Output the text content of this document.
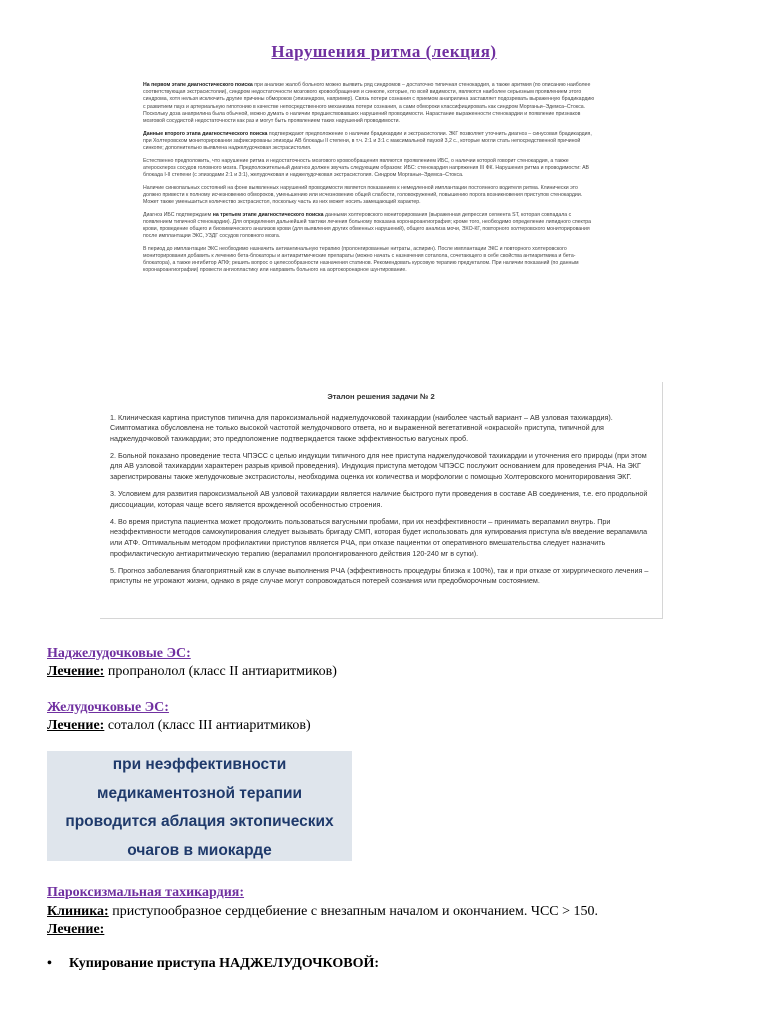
Нарушения ритма (лекция)

На первом этапе диагностического поиска при анализе жалоб больного можно выявить ряд синдромов – достаточно типичная стенокардия, а также аритмия (по описанию наиболее соответствующая экстрасистолии), синдром недостаточности мозгового кровообращения и синкопе, которые, по всей видимости, являются наиболее серьезным проявлением этого синдрома, хотя нельзя исключить другие причины обмороков (эпизиндром, например). Связь потери сознания с приемом анаприлина заставляет подозревать выраженную брадикардию с развитием пауз и артериальную гипотонию в качестве непосредственного механизма потери сознания, а сами обмороки классифицировать как синдром Морганьи–Эдемса–Стокса. Поскольку доза анаприлина была обычной, можно думать о наличии предшествовавших нарушений проводимости. Нарастание выраженности стенокардии и появление признаков мозговой сосудистой недостаточности как раз и могут быть проявлением таких нарушений проводимости.

Данные второго этапа диагностического поиска подтверждают предположение о наличии брадикардии и экстрасистолии. ЭКГ позволяет уточнить диагноз – синусовая брадикардия, при Холтеровском мониторировании зафиксированы эпизоды АВ блокады II степени, в т.ч. 2:1 и 3:1 с максимальной паузой 3,2 с., которые могли стать непосредственной причиной синкопе; дополнительно выявлена наджелудочковая экстрасистолия.

Естественно предположить, что нарушение ритма и недостаточность мозгового кровообращения являются проявлением ИБС, о наличии которой говорит стенокардия, а также атеросклероз сосудов головного мозга. Предположительный диагноз должен звучать следующим образом: ИБС: стенокардия напряжения III ФК. Нарушения ритма и проводимости: АВ блокада I-II степени (с эпизодами 2:1 и 3:1), желудочковая и наджелудочковая экстрасистолия. Синдром Морганьи–Эдемса–Стокса.

Наличие синкопальных состояний на фоне выявленных нарушений проводимости является показанием к немедленной имплантации постоянного водителя ритма. Клинически это должно привести к полному исчезновению обмороков, уменьшению или исчезновению общей слабости, головокружений, повышению порога возникновения приступов стенокардии. Может также уменьшиться количество экстрасистол, поскольку часть из них может носить замещающий характер.

Диагноз ИБС подтверждаем на третьем этапе диагностического поиска данными холтеровского мониторирования (выраженная депрессия сегмента ST, которая совпадала с появлением типичной стенокардии). Для определения дальнейшей тактики лечения больному показана коронароангиография; кроме того, необходимо определение липидного спектра крови, проведение общего и биохимического анализов крови (для выявления других обменных нарушений), общего анализа мочи, ЭХО-КГ, повторного холтеровского мониторирования после имплантации ЭКС, УЗДГ сосудов головного мозга.

В период до имплантации ЭКС необходимо назначить антиангинальную терапию (пролонгированные нитраты, аспирин). После имплантации ЭКС и повторного холтеровского мониторирования добавить к лечению бета-блокаторы и антиаритмические препараты (можно начать с назначения соталола, сочетающего в себе свойства антиаритмика и бета-блокатора), а также ингибитор АПФ; решить вопрос о целесообразности назначения статинов. Рекомендовать курсовую терапию предукталом. При наличии показаний (по данным коронароангиографии) провести ангиопластику или направить больного на аортокоронарное шунтирование.

Эталон решения задачи № 2

1. Клиническая картина приступов типична для пароксизмальной наджелудочковой тахикардии (наиболее частый вариант – АВ узловая тахикардия). Симптоматика обусловлена не только высокой частотой желудочкового ответа, но и выраженной вегетативной «окраской» приступа, типичной для наджелудочковой тахикардии; это предположение подтверждается также эффективностью вагусных проб.

2. Больной показано проведение теста ЧПЭСС с целью индукции типичного для нее приступа наджелудочковой тахикардии и уточнения его природы (при этом для АВ узловой тахикардии характерен разрыв кривой проведения). Индукция приступа методом ЧПЭСС послужит основанием для проведения РЧА. На ЭКГ зарегистрированы также желудочковые экстрасистолы, необходима оценка их количества и морфологии с помощью Холтеровского мониторирования ЭКГ.

3. Условием для развития пароксизмальной АВ узловой тахикардии является наличие быстрого пути проведения в составе АВ соединения, т.е. его продольной диссоциации, которая чаще всего является врожденной особенностью строения.

4. Во время приступа пациентка может продолжить пользоваться вагусными пробами, при их неэффективности – принимать верапамил внутрь. При неэффективности методов самокупирования следует вызывать бригаду СМП, которая будет использовать для купирования приступа в/в введение верапамила или АТФ. Оптимальным методом профилактики приступов является РЧА, при отказе пациентки от оперативного вмешательства следует назначить профилактическую антиаритмическую терапию (верапамил пролонгированного действия 120-240 мг в сутки).

5. Прогноз заболевания благоприятный как в случае выполнения РЧА (эффективность процедуры близка к 100%), так и при отказе от хирургического лечения – приступы не угрожают жизни, однако в ряде случае могут сопровождаться потерей сознания или предобморочным состоянием.

Наджелудочковые ЭС:
Лечение: пропранолол (класс II антиаритмиков)
Желудочковые ЭС:
Лечение: соталол (класс III антиаритмиков)
при неэффективности
медикаментозной терапии
проводится аблация эктопических
очагов в миокарде
Пароксизмальная тахикардия:
Клиника: приступообразное сердцебиение с внезапным началом и окончанием. ЧСС > 150.
Лечение:
• Купирование приступа НАДЖЕЛУДОЧКОВОЙ:
